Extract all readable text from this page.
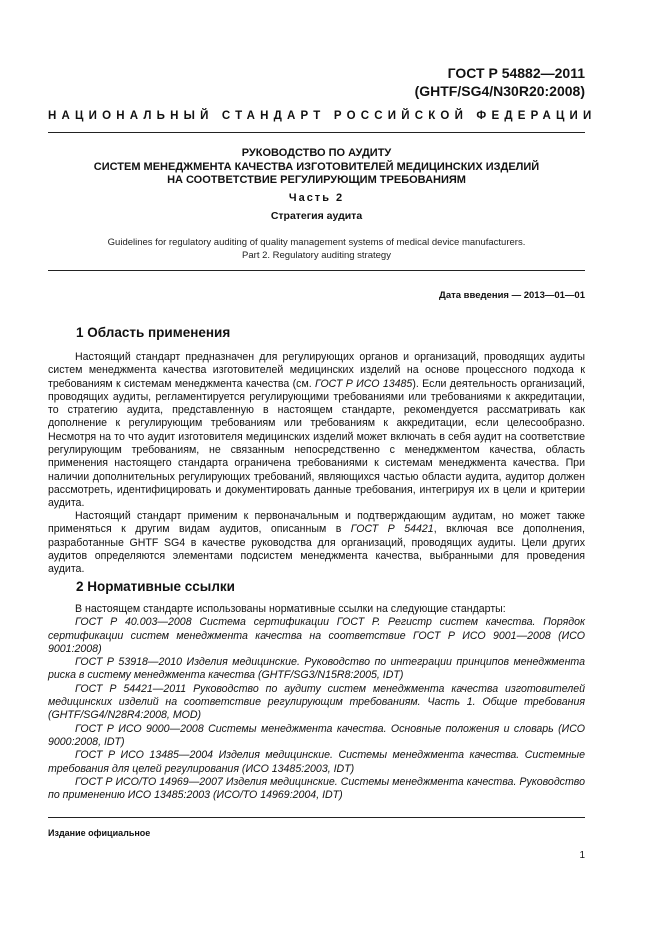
ГОСТ Р 54882—2011
(GHTF/SG4/N30R20:2008)
НАЦИОНАЛЬНЫЙ СТАНДАРТ РОССИЙСКОЙ ФЕДЕРАЦИИ
РУКОВОДСТВО ПО АУДИТУ
СИСТЕМ МЕНЕДЖМЕНТА КАЧЕСТВА ИЗГОТОВИТЕЛЕЙ МЕДИЦИНСКИХ ИЗДЕЛИЙ
НА СООТВЕТСТВИЕ РЕГУЛИРУЮЩИМ ТРЕБОВАНИЯМ
Часть 2
Стратегия аудита
Guidelines for regulatory auditing of quality management systems of medical device manufacturers.
Part 2. Regulatory auditing strategy
Дата введения — 2013—01—01
1 Область применения
Настоящий стандарт предназначен для регулирующих органов и организаций, проводящих аудиты систем менеджмента качества изготовителей медицинских изделий на основе процессного подхода к требованиям к системам менеджмента качества (см. ГОСТ Р ИСО 13485). Если деятельность организаций, проводящих аудиты, регламентируется регулирующими требованиями или требованиями к аккредитации, то стратегию аудита, представленную в настоящем стандарте, рекомендуется рассматривать как дополнение к регулирующим требованиям или требованиям к аккредитации, если целесообразно. Несмотря на то что аудит изготовителя медицинских изделий может включать в себя аудит на соответствие регулирующим требованиям, не связанным непосредственно с менеджментом качества, область применения настоящего стандарта ограничена требованиями к системам менеджмента качества. При наличии дополнительных регулирующих требований, являющихся частью области аудита, аудитор должен рассмотреть, идентифицировать и документировать данные требования, интегрируя их в цели и критерии аудита.
Настоящий стандарт применим к первоначальным и подтверждающим аудитам, но может также применяться к другим видам аудитов, описанным в ГОСТ Р 54421, включая все дополнения, разработанные GHTF SG4 в качестве руководства для организаций, проводящих аудиты. Цели других аудитов определяются элементами подсистем менеджмента качества, выбранными для проведения аудита.
2 Нормативные ссылки
В настоящем стандарте использованы нормативные ссылки на следующие стандарты:
ГОСТ Р 40.003—2008 Система сертификации ГОСТ Р. Регистр систем качества. Порядок сертификации систем менеджмента качества на соответствие ГОСТ Р ИСО 9001—2008 (ИСО 9001:2008)
ГОСТ Р 53918—2010 Изделия медицинские. Руководство по интеграции принципов менеджмента риска в систему менеджмента качества (GHTF/SG3/N15R8:2005, IDT)
ГОСТ Р 54421—2011 Руководство по аудиту систем менеджмента качества изготовителей медицинских изделий на соответствие регулирующим требованиям. Часть 1. Общие требования (GHTF/SG4/N28R4:2008, MOD)
ГОСТ Р ИСО 9000—2008 Системы менеджмента качества. Основные положения и словарь (ИСО 9000:2008, IDT)
ГОСТ Р ИСО 13485—2004 Изделия медицинские. Системы менеджмента качества. Системные требования для целей регулирования (ИСО 13485:2003, IDT)
ГОСТ Р ИСО/ТО 14969—2007 Изделия медицинские. Системы менеджмента качества. Руководство по применению ИСО 13485:2003 (ИСО/ТО 14969:2004, IDT)
Издание официальное
1
